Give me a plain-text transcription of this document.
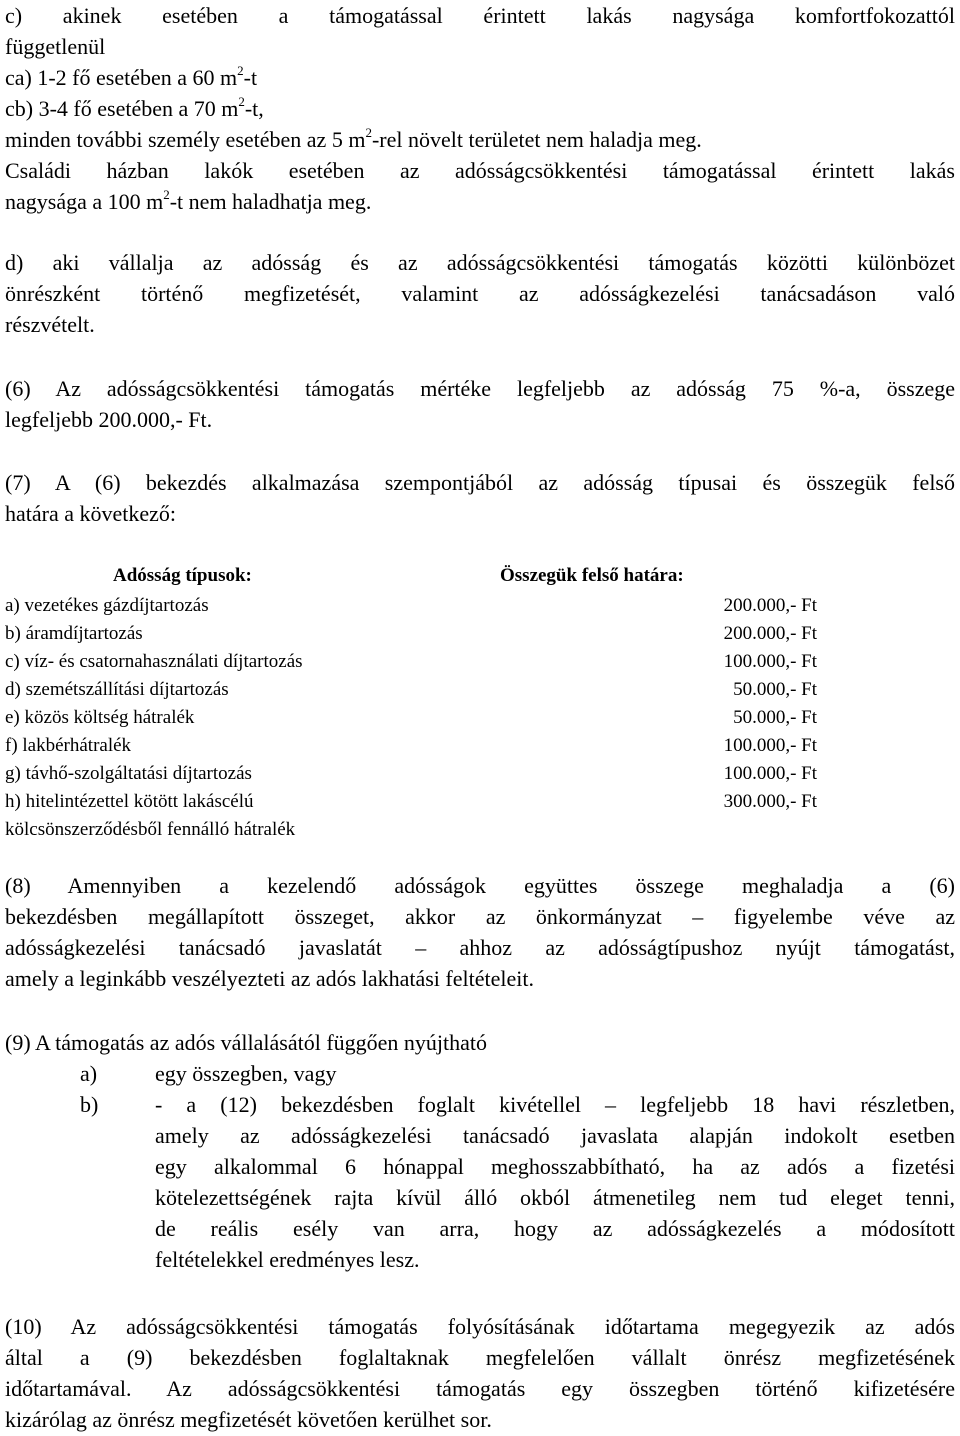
c) akinek esetében a támogatással érintett lakás nagysága komfortfokozattól

függetlenül

ca) 1-2 fő esetében a 60 $m^2-t$

cb) 3-4 fő esetében a 70 $m^2-t$,

minden további személy esetében az 5 $m^2$-rel növelt területet nem haladja meg.

Családi házban lakók esetében az adósságcsökkentési támogatással érintett lakás

nagysága a 100 $m^2-t$ nem haladhatja meg.

d) aki vállalja az adósság és az adósságcsökkentési támogatás közötti különbözet

önrészként történő megfizetését, valamint az adósságkezelési tanácsadáson való

részvételt.

(6) Az adósságcsökkentési támogatás mértéke legfeljebb az adósság 75 %-a, összege

legfeljebb 200.000,- Ft.

(7) A (6) bekezdés alkalmazása szempontjából az adósság típusai és összegük felső

határa a következő:

Adósság típusok:	Összegük felső határa:
a) vezetékes gázdíjtartozás	200.000,- Ft
b) áramdíjtartozás	200.000,- Ft
c) víz- és csatornahasználati díjtartozás	100.000,- Ft
d) szemétszállítási díjtartozás	50.000,- Ft
e) közös költség hátralék	50.000,- Ft
f) lakbérhátralék	100.000,- Ft
g) távhő-szolgáltatási díjtartozás	100.000,- Ft
h) hitelintézettel kötött lakáscélú	300.000,- Ft
kölcsönszerződésből fennálló hátralék

(8) Amennyiben a kezelendő adósságok együttes összege meghaladja a (6)

bekezdésben megállapított összeget, akkor az önkormányzat – figyelembe véve az

adósságkezelési tanácsadó javaslatát – ahhoz az adósságtípushoz nyújt támogatást,

amely a leginkább veszélyezteti az adós lakhatási feltételeit.

(9) A támogatás az adós vállalásától függően nyújtható

a)	egy összegben, vagy
b)	- a (12) bekezdésben foglalt kivétellel – legfeljebb 18 havi részletben,
amely az adósságkezelési tanácsadó javaslata alapján indokolt esetben
egy alkalommal 6 hónappal meghosszabbítható, ha az adós a fizetési
kötelezettségének rajta kívül álló okból átmenetileg nem tud eleget tenni,
de reális esély van arra, hogy az adósságkezelés a módosított
feltételekkel eredményes lesz.

(10) Az adósságcsökkentési támogatás folyósításának időtartama megegyezik az adós

által a (9) bekezdésben foglaltaknak megfelelően vállalt önrész megfizetésének

időtartamával. Az adósságcsökkentési támogatás egy összegben történő kifizetésére

kizárólag az önrész megfizetését követően kerülhet sor.
